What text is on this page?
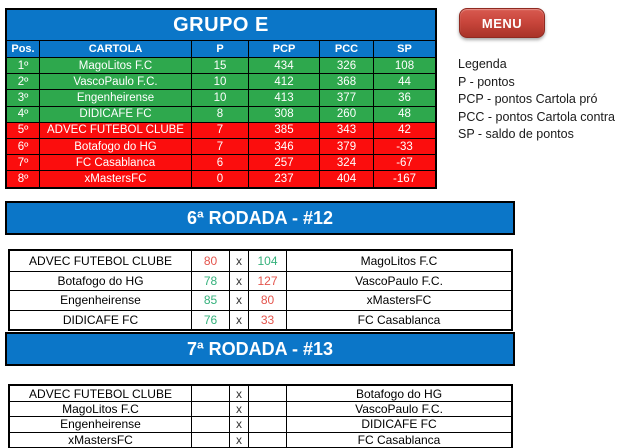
GRUPO E
Pos.	CARTOLA	P	PCP	PCC	SP
1º	MagoLitos F.C	15	434	326	108
2º	VascoPaulo F.C.	10	412	368	44
3º	Engenheirense	10	413	377	36
4º	DIDICAFE FC	8	308	260	48
5º	ADVEC FUTEBOL CLUBE	7	385	343	42
6º	Botafogo do HG	7	346	379	-33
7º	FC Casablanca	6	257	324	-67
8º	xMastersFC	0	237	404	-167
MENU
Legenda
P - pontos
PCP - pontos Cartola pró
PCC - pontos Cartola contra
SP - saldo de pontos
6ª RODADA - #12
ADVEC FUTEBOL CLUBE	80	x	104	MagoLitos F.C
Botafogo do HG	78	x	127	VascoPaulo F.C.
Engenheirense	85	x	80	xMastersFC
DIDICAFE FC	76	x	33	FC Casablanca
7ª RODADA - #13
ADVEC FUTEBOL CLUBE	x	Botafogo do HG
MagoLitos F.C	x	VascoPaulo F.C.
Engenheirense	x	DIDICAFE FC
xMastersFC	x	FC Casablanca
